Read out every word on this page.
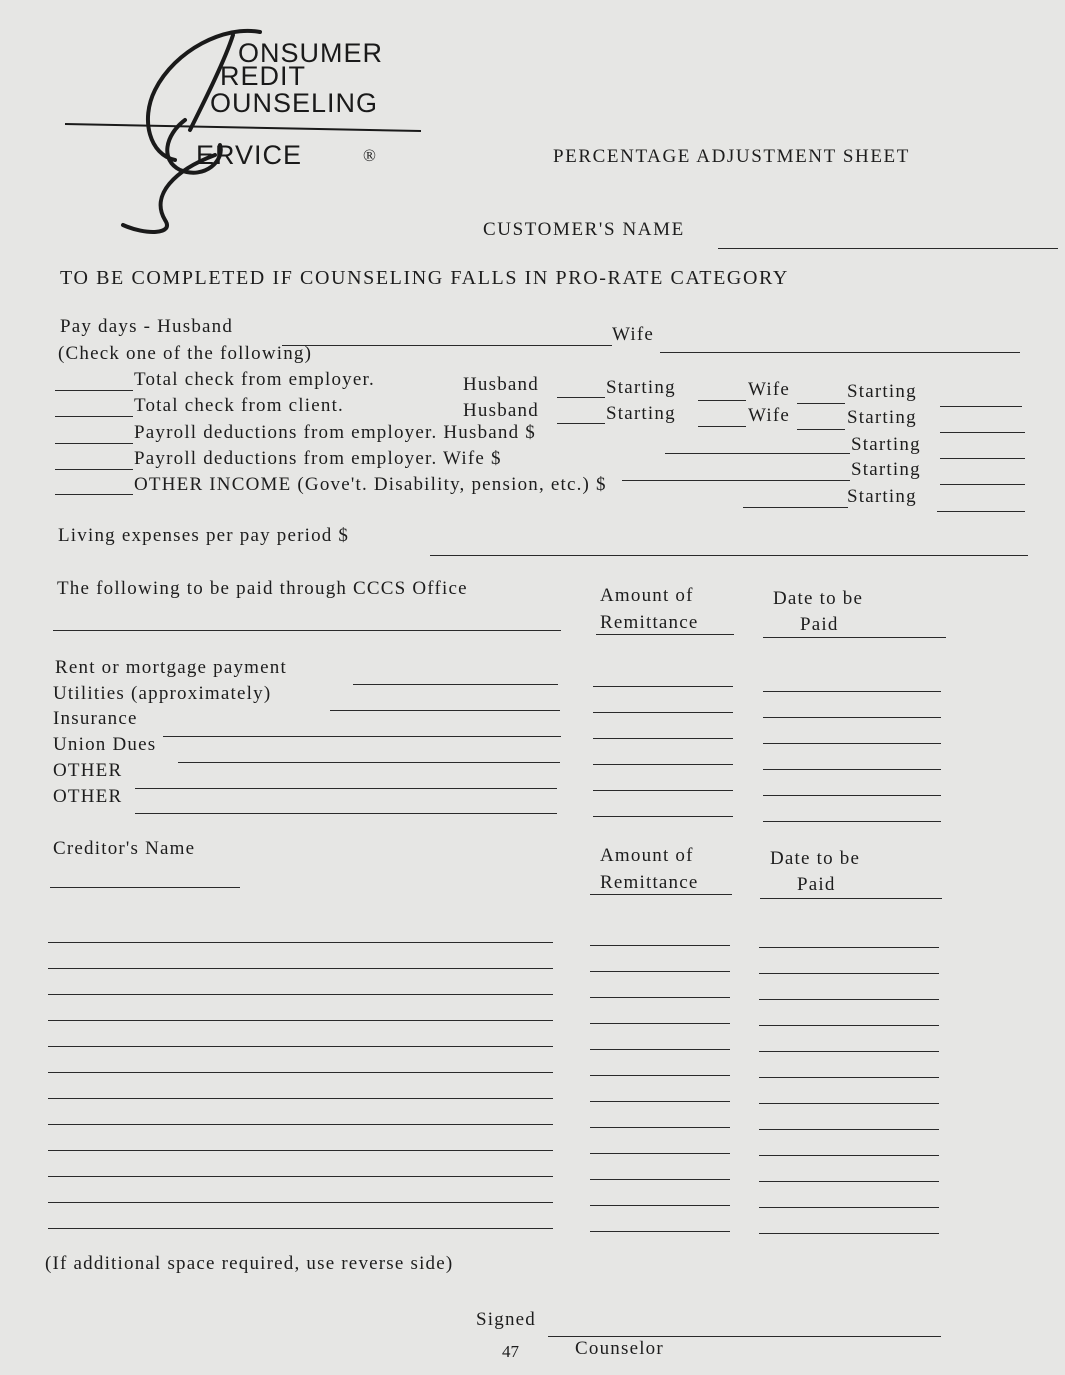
ONSUMER
REDIT
OUNSELING
ERVICE	®	PERCENTAGE ADJUSTMENT SHEET
CUSTOMER'S NAME
TO BE COMPLETED IF COUNSELING FALLS IN PRO-RATE CATEGORY
Pay days - Husband	Wife
(Check one of the following)
Total check from employer.	Husband	Starting	Wife	Starting
Total check from client.	Husband	Starting	Wife	Starting
Payroll deductions from employer. Husband $
Starting
Payroll deductions from employer. Wife $
Starting
OTHER INCOME (Gove't. Disability, pension, etc.) $
Starting
Living expenses per pay period $
The following to be paid through CCCS Office	Amount of
Remittance
Date to be
Paid
Rent or mortgage payment
Utilities (approximately)
Insurance
Union Dues
OTHER
OTHER
Creditor's Name	Amount of
Remittance
Date to be
Paid
(If additional space required, use reverse side)
Signed
Counselor
47
